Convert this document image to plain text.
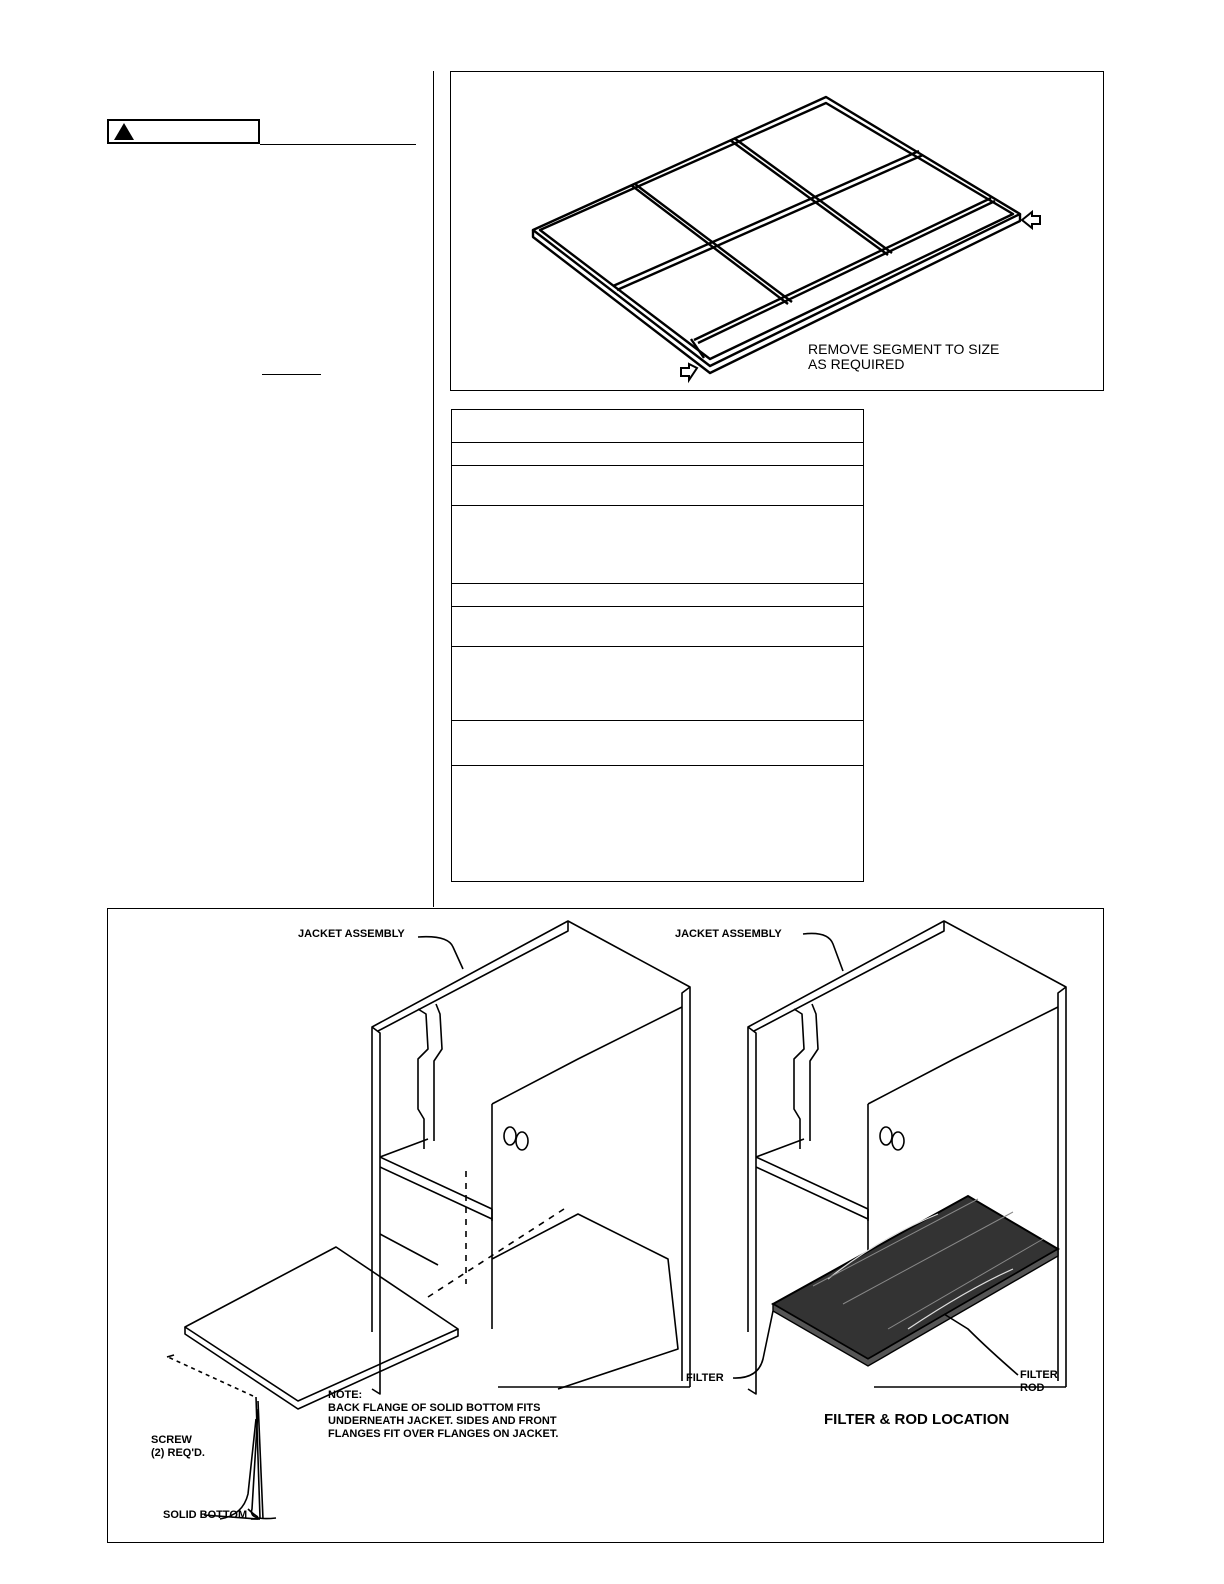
REMOVE SEGMENT TO SIZE
AS REQUIRED
JACKET ASSEMBLY
SOLID BOTTOM
SCREW
(2) REQ'D.
NOTE:
BACK FLANGE OF SOLID BOTTOM FITS
UNDERNEATH JACKET. SIDES AND FRONT
FLANGES FIT OVER FLANGES ON JACKET.
JACKET ASSEMBLY
FILTER	FILTER
ROD
FILTER & ROD LOCATION
